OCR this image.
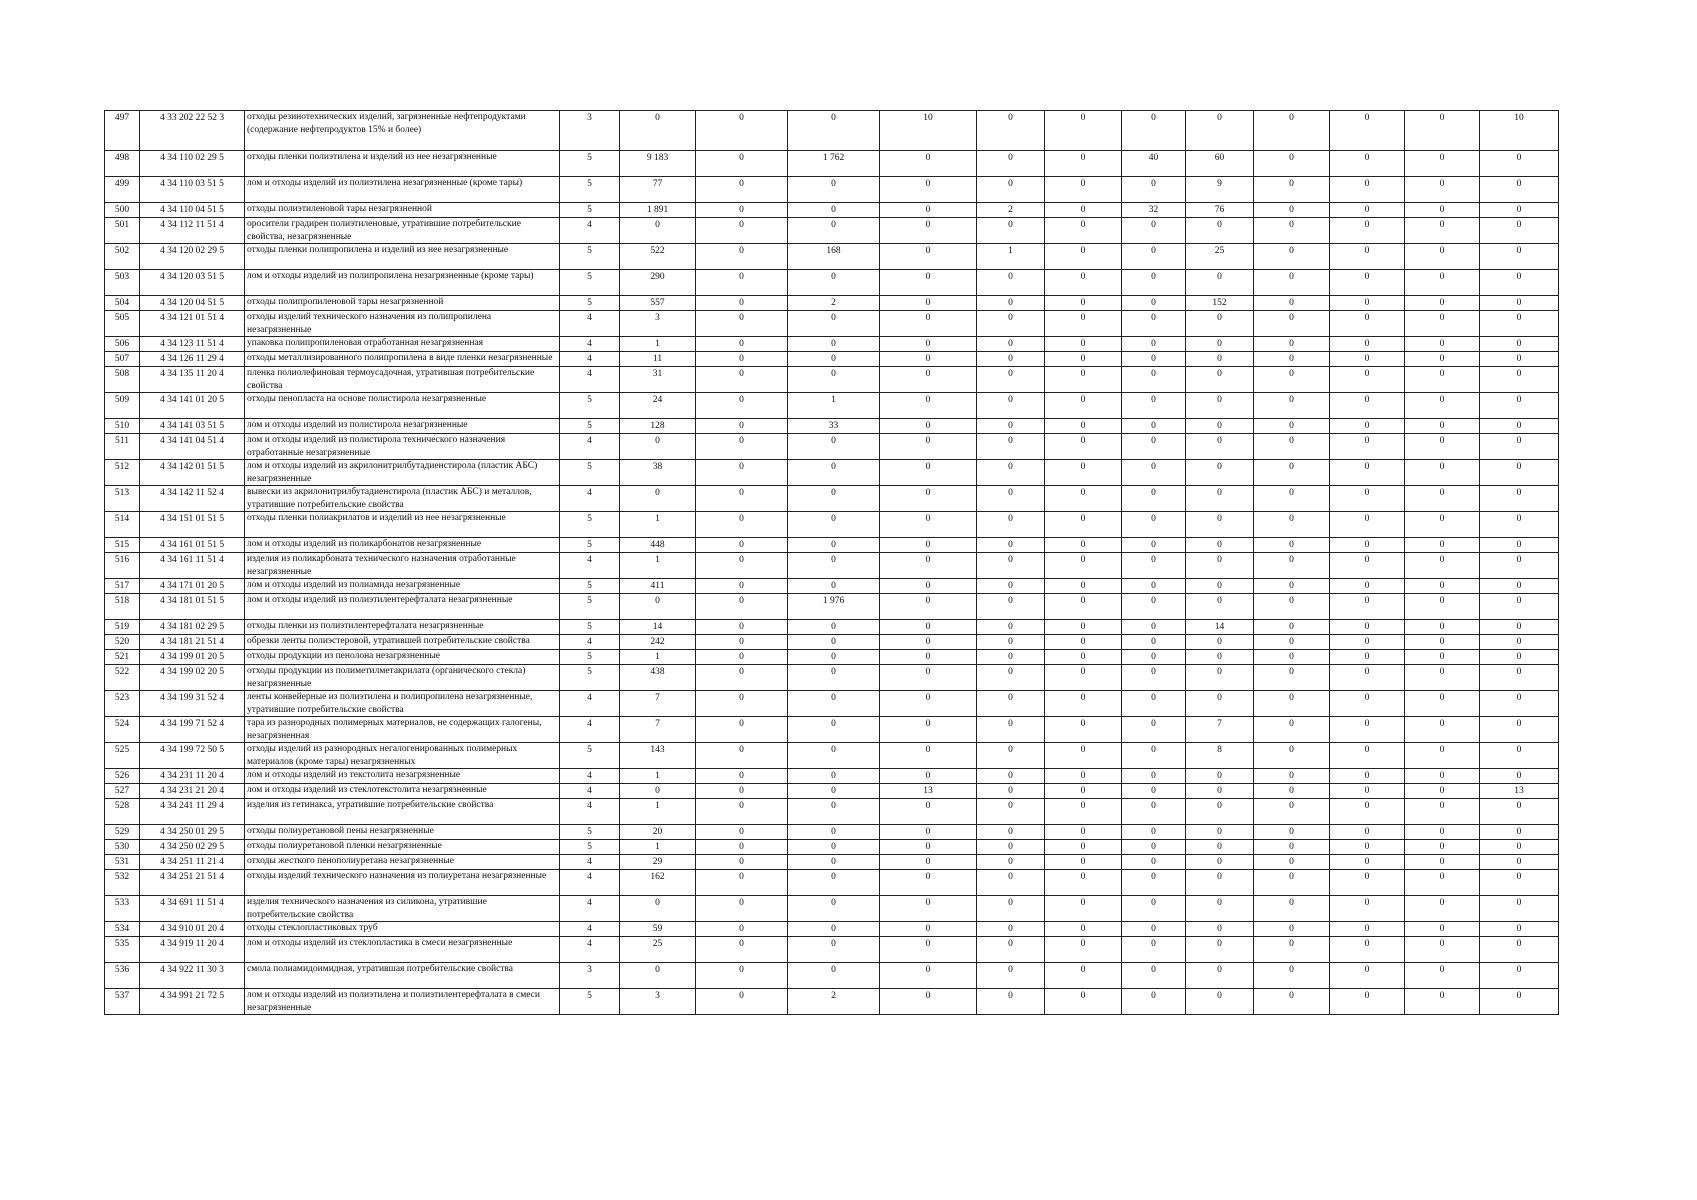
497	4 33 202 22 52 3	отходы резинотехнических изделий, загрязненные нефтепродуктами (содержание нефтепродуктов 15% и более)	3	0	0	0	10	0	0	0	0	0	0	0	10
498	4 34 110 02 29 5	отходы пленки полиэтилена и изделий из нее незагрязненные	5	9 183	0	1 762	0	0	0	40	60	0	0	0	0
499	4 34 110 03 51 5	лом и отходы изделий из полиэтилена незагрязненные (кроме тары)	5	77	0	0	0	0	0	0	9	0	0	0	0
500	4 34 110 04 51 5	отходы полиэтиленовой тары незагрязненной	5	1 891	0	0	0	2	0	32	76	0	0	0	0
501	4 34 112 11 51 4	оросители градирен полиэтиленовые, утратившие потребительские свойства, незагрязненные	4	0	0	0	0	0	0	0	0	0	0	0	0
502	4 34 120 02 29 5	отходы пленки полипропилена и изделий из нее незагрязненные	5	522	0	168	0	1	0	0	25	0	0	0	0
503	4 34 120 03 51 5	лом и отходы изделий из полипропилена незагрязненные (кроме тары)	5	290	0	0	0	0	0	0	0	0	0	0	0
504	4 34 120 04 51 5	отходы полипропиленовой тары незагрязненной	5	557	0	2	0	0	0	0	152	0	0	0	0
505	4 34 121 01 51 4	отходы изделий технического назначения из полипропилена незагрязненные	4	3	0	0	0	0	0	0	0	0	0	0	0
506	4 34 123 11 51 4	упаковка полипропиленовая отработанная незагрязненная	4	1	0	0	0	0	0	0	0	0	0	0	0
507	4 34 126 11 29 4	отходы металлизированного полипропилена в виде пленки незагрязненные	4	11	0	0	0	0	0	0	0	0	0	0	0
508	4 34 135 11 20 4	пленка полиолефиновая термоусадочная, утратившая потребительские свойства	4	31	0	0	0	0	0	0	0	0	0	0	0
509	4 34 141 01 20 5	отходы пенопласта на основе полистирола незагрязненные	5	24	0	1	0	0	0	0	0	0	0	0	0
510	4 34 141 03 51 5	лом и отходы изделий из полистирола незагрязненные	5	128	0	33	0	0	0	0	0	0	0	0	0
511	4 34 141 04 51 4	лом и отходы изделий из полистирола технического назначения отработанные незагрязненные	4	0	0	0	0	0	0	0	0	0	0	0	0
512	4 34 142 01 51 5	лом и отходы изделий из акрилонитрилбутадиенстирола (пластик АБС) незагрязненные	5	38	0	0	0	0	0	0	0	0	0	0	0
513	4 34 142 11 52 4	вывески из акрилонитрилбутадиенстирола (пластик АБС) и металлов, утратившие потребительские свойства	4	0	0	0	0	0	0	0	0	0	0	0	0
514	4 34 151 01 51 5	отходы пленки полиакрилатов и изделий из нее незагрязненные	5	1	0	0	0	0	0	0	0	0	0	0	0
515	4 34 161 01 51 5	лом и отходы изделий из поликарбонатов незагрязненные	5	448	0	0	0	0	0	0	0	0	0	0	0
516	4 34 161 11 51 4	изделия из поликарбоната технического назначения отработанные незагрязненные	4	1	0	0	0	0	0	0	0	0	0	0	0
517	4 34 171 01 20 5	лом и отходы изделий из полиамида незагрязненные	5	411	0	0	0	0	0	0	0	0	0	0	0
518	4 34 181 01 51 5	лом и отходы изделий из полиэтилентерефталата незагрязненные	5	0	0	1 976	0	0	0	0	0	0	0	0	0
519	4 34 181 02 29 5	отходы пленки из полиэтилентерефталата незагрязненные	5	14	0	0	0	0	0	0	14	0	0	0	0
520	4 34 181 21 51 4	обрезки ленты полиэстеровой, утратившей потребительские свойства	4	242	0	0	0	0	0	0	0	0	0	0	0
521	4 34 199 01 20 5	отходы продукции из пенолона незагрязненные	5	1	0	0	0	0	0	0	0	0	0	0	0
522	4 34 199 02 20 5	отходы продукции из полиметилметакрилата (органического стекла) незагрязненные	5	438	0	0	0	0	0	0	0	0	0	0	0
523	4 34 199 31 52 4	ленты конвейерные из полиэтилена и полипропилена незагрязненные, утратившие потребительские свойства	4	7	0	0	0	0	0	0	0	0	0	0	0
524	4 34 199 71 52 4	тара из разнородных полимерных материалов, не содержащих галогены, незагрязненная	4	7	0	0	0	0	0	0	7	0	0	0	0
525	4 34 199 72 50 5	отходы изделий из разнородных негалогенированных полимерных материалов (кроме тары) незагрязненных	5	143	0	0	0	0	0	0	8	0	0	0	0
526	4 34 231 11 20 4	лом и отходы изделий из текстолита незагрязненные	4	1	0	0	0	0	0	0	0	0	0	0	0
527	4 34 231 21 20 4	лом и отходы изделий из стеклотекстолита незагрязненные	4	0	0	0	13	0	0	0	0	0	0	0	13
528	4 34 241 11 29 4	изделия из гетинакса, утратившие потребительские свойства	4	1	0	0	0	0	0	0	0	0	0	0	0
529	4 34 250 01 29 5	отходы полиуретановой пены незагрязненные	5	20	0	0	0	0	0	0	0	0	0	0	0
530	4 34 250 02 29 5	отходы полиуретановой пленки незагрязненные	5	1	0	0	0	0	0	0	0	0	0	0	0
531	4 34 251 11 21 4	отходы жесткого пенополиуретана незагрязненные	4	29	0	0	0	0	0	0	0	0	0	0	0
532	4 34 251 21 51 4	отходы изделий технического назначения из полиуретана незагрязненные	4	162	0	0	0	0	0	0	0	0	0	0	0
533	4 34 691 11 51 4	изделия технического назначения из силикона, утратившие потребительские свойства	4	0	0	0	0	0	0	0	0	0	0	0	0
534	4 34 910 01 20 4	отходы стеклопластиковых труб	4	59	0	0	0	0	0	0	0	0	0	0	0
535	4 34 919 11 20 4	лом и отходы изделий из стеклопластика в смеси незагрязненные	4	25	0	0	0	0	0	0	0	0	0	0	0
536	4 34 922 11 30 3	смола полиамидоимидная, утратившая потребительские свойства	3	0	0	0	0	0	0	0	0	0	0	0	0
537	4 34 991 21 72 5	лом и отходы изделий из полиэтилена и полиэтилентерефталата в смеси незагрязненные	5	3	0	2	0	0	0	0	0	0	0	0	0
